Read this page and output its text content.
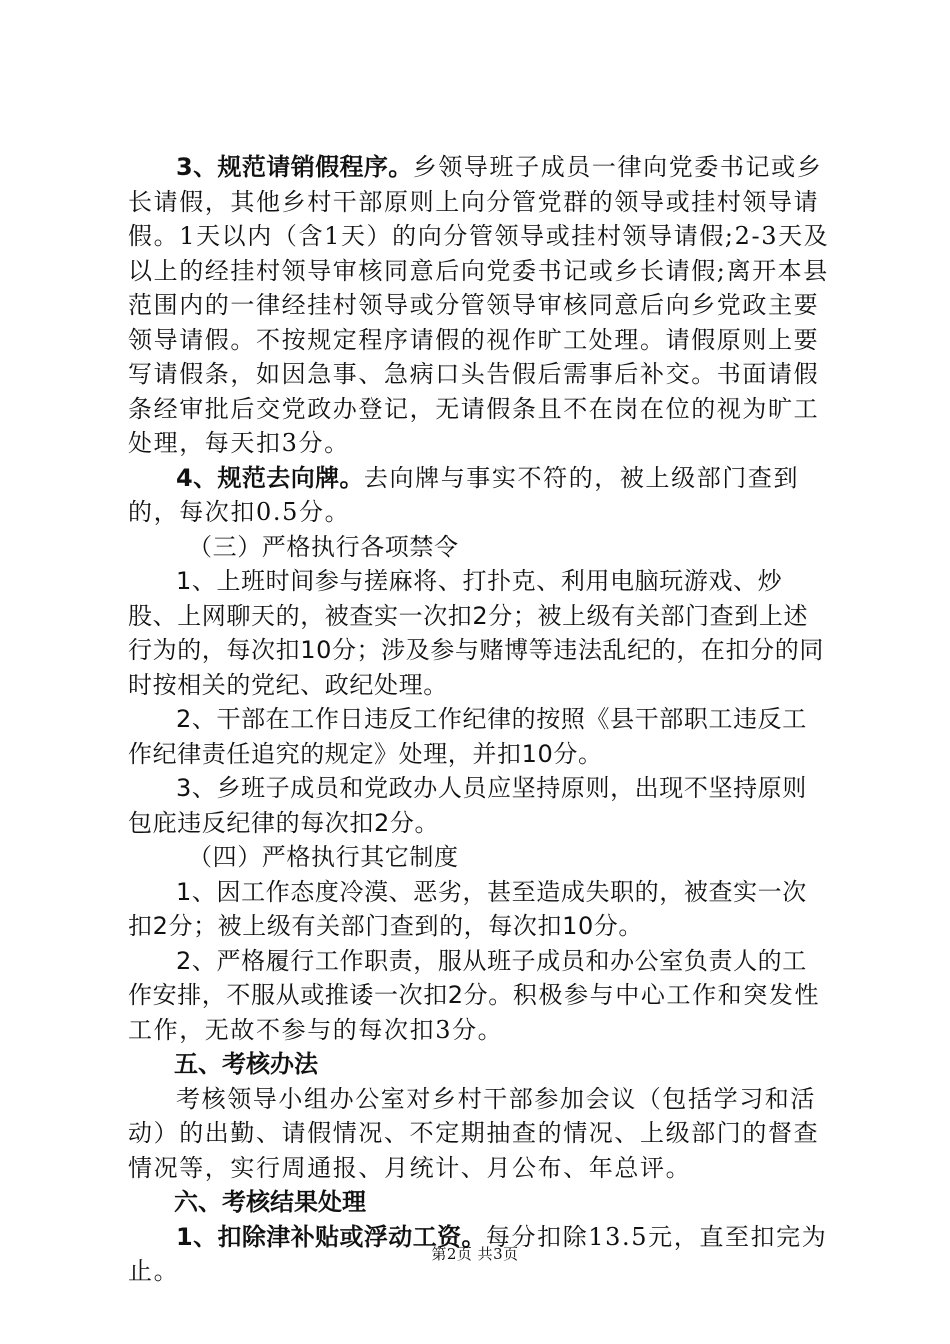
3、规范请销假程序。乡领导班子成员一律向党委书记或乡长请假，其他乡村干部原则上向分管党群的领导或挂村领导请假。1天以内（含1天）的向分管领导或挂村领导请假;2-3天及以上的经挂村领导审核同意后向党委书记或乡长请假;离开本县范围内的一律经挂村领导或分管领导审核同意后向乡党政主要领导请假。不按规定程序请假的视作旷工处理。请假原则上要写请假条，如因急事、急病口头告假后需事后补交。书面请假条经审批后交党政办登记，无请假条且不在岗在位的视为旷工处理，每天扣3分。

4、规范去向牌。去向牌与事实不符的，被上级部门查到的，每次扣0.5分。

（三）严格执行各项禁令

1、上班时间参与搓麻将、打扑克、利用电脑玩游戏、炒股、上网聊天的，被查实一次扣2分；被上级有关部门查到上述行为的，每次扣10分；涉及参与赌博等违法乱纪的，在扣分的同时按相关的党纪、政纪处理。

2、干部在工作日违反工作纪律的按照《县干部职工违反工作纪律责任追究的规定》处理，并扣10分。

3、乡班子成员和党政办人员应坚持原则，出现不坚持原则包庇违反纪律的每次扣2分。

（四）严格执行其它制度

1、因工作态度冷漠、恶劣，甚至造成失职的，被查实一次扣2分；被上级有关部门查到的，每次扣10分。

2、严格履行工作职责，服从班子成员和办公室负责人的工作安排，不服从或推诿一次扣2分。积极参与中心工作和突发性工作，无故不参与的每次扣3分。

五、考核办法

考核领导小组办公室对乡村干部参加会议（包括学习和活动）的出勤、请假情况、不定期抽查的情况、上级部门的督查情况等，实行周通报、月统计、月公布、年总评。

六、考核结果处理

1、扣除津补贴或浮动工资。每分扣除13.5元，直至扣完为止。

第2页 共3页
